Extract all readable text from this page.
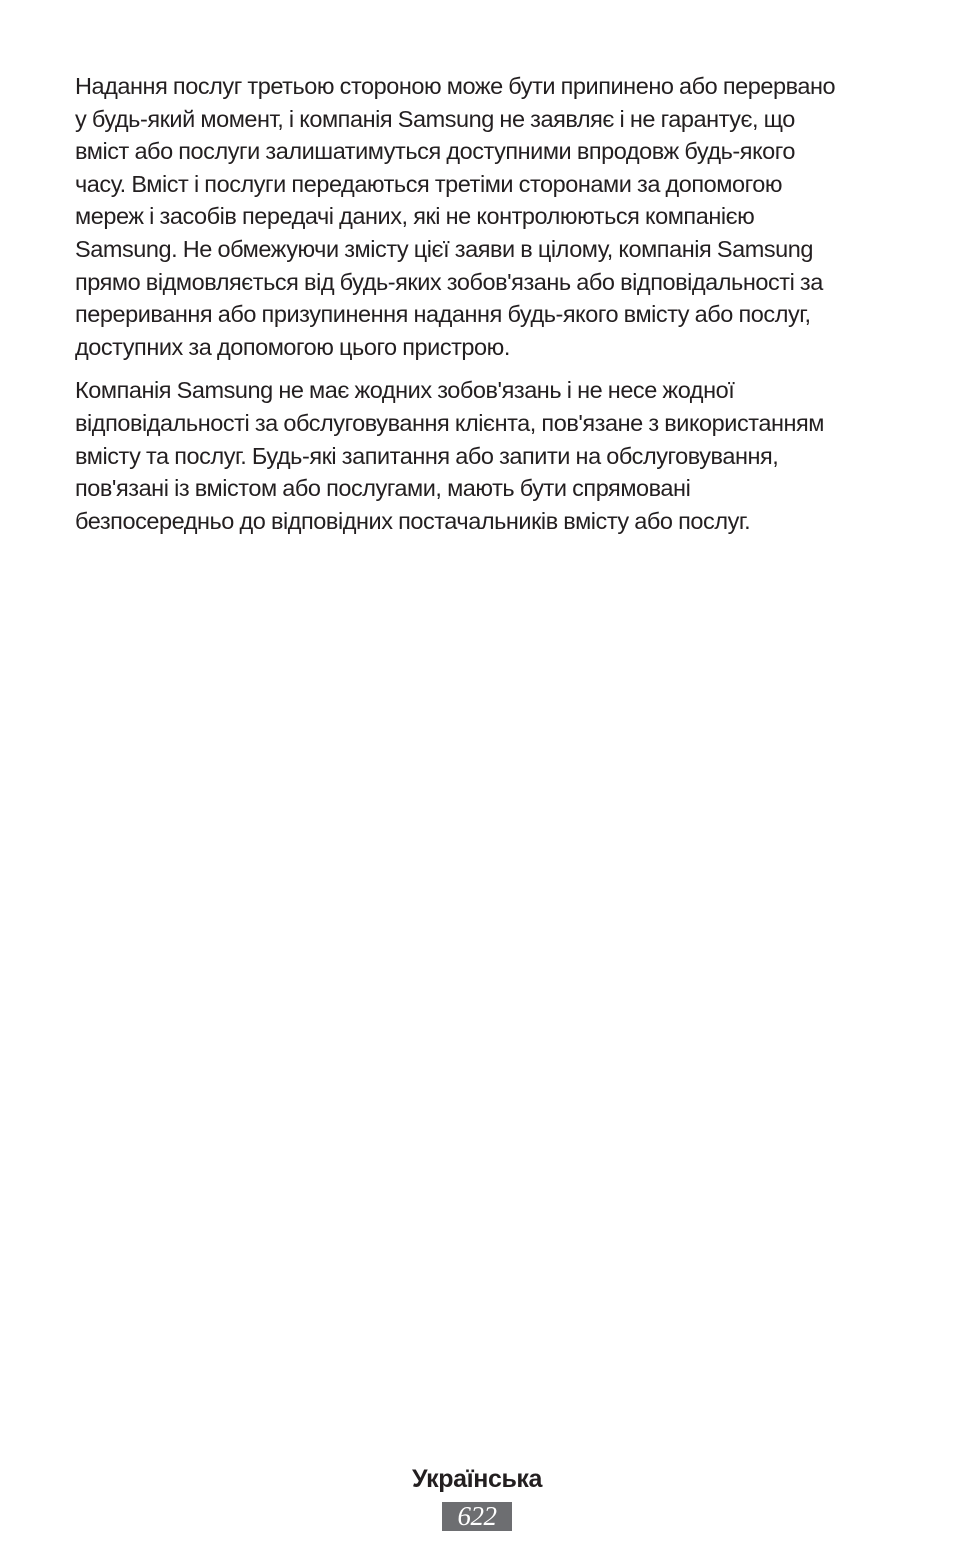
Надання послуг третьою стороною може бути припинено або перервано
у будь-який момент, і компанія Samsung не заявляє і не гарантує, що
вміст або послуги залишатимуться доступними впродовж будь-якого
часу. Вміст і послуги передаються третіми сторонами за допомогою
мереж і засобів передачі даних, які не контролюються компанією
Samsung. Не обмежуючи змісту цієї заяви в цілому, компанія Samsung
прямо відмовляється від будь-яких зобов'язань або відповідальності за
переривання або призупинення надання будь-якого вмісту або послуг,
доступних за допомогою цього пристрою.

Компанія Samsung не має жодних зобов'язань і не несе жодної
відповідальності за обслуговування клієнта, пов'язане з використанням
вмісту та послуг. Будь-які запитання або запити на обслуговування,
пов'язані із вмістом або послугами, мають бути спрямовані
безпосередньо до відповідних постачальників вмісту або послуг.

Українська
622
